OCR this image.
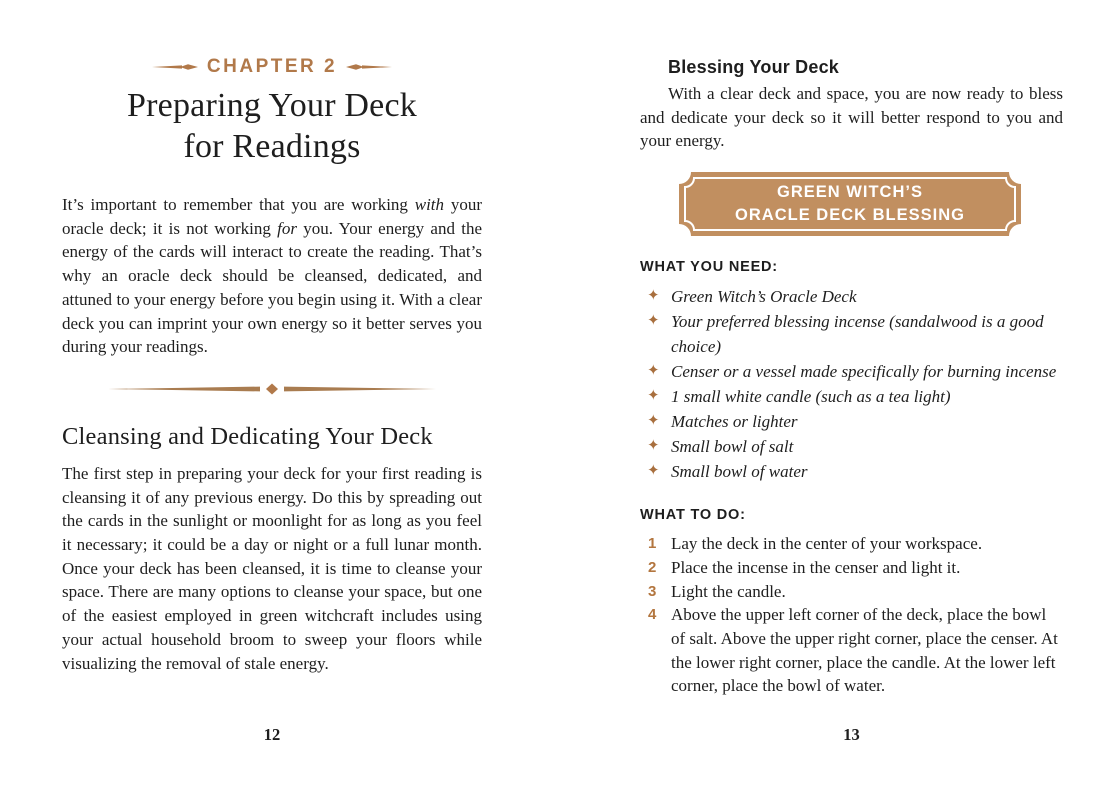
CHAPTER 2
Preparing Your Deck
for Readings

It’s important to remember that you are working with your oracle deck; it is not working for you. Your energy and the energy of the cards will interact to create the reading. That’s why an oracle deck should be cleansed, dedicated, and attuned to your energy before you begin using it. With a clear deck you can imprint your own energy so it better serves you during your readings.

Cleansing and Dedicating Your Deck

The first step in preparing your deck for your first reading is cleansing it of any previous energy. Do this by spreading out the cards in the sunlight or moonlight for as long as you feel it necessary; it could be a day or night or a full lunar month. Once your deck has been cleansed, it is time to cleanse your space. There are many options to cleanse your space, but one of the easiest employed in green witchcraft includes using your actual household broom to sweep your floors while visualizing the removal of stale energy.

12
Blessing Your Deck

With a clear deck and space, you are now ready to bless and dedicate your deck so it will better respond to you and your energy.

GREEN WITCH’S
ORACLE DECK BLESSING
WHAT YOU NEED:
✦ Green Witch’s Oracle Deck
✦ Your preferred blessing incense (sandalwood is a good choice)
✦ Censer or a vessel made specifically for burning incense
✦ 1 small white candle (such as a tea light)
✦ Matches or lighter
✦ Small bowl of salt
✦ Small bowl of water
WHAT TO DO:
1 Lay the deck in the center of your workspace.
2 Place the incense in the censer and light it.
3 Light the candle.
4 Above the upper left corner of the deck, place the bowl of salt. Above the upper right corner, place the censer. At the lower right corner, place the candle. At the lower left corner, place the bowl of water.
13
